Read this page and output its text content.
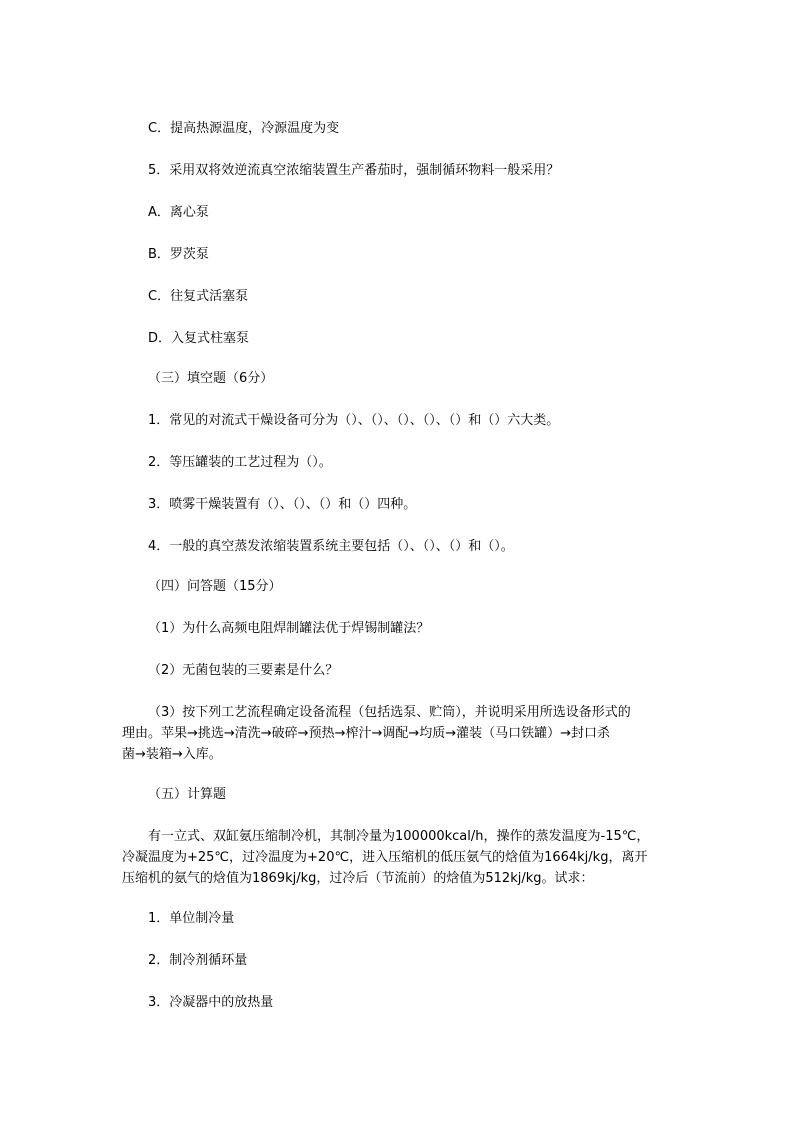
C．提高热源温度，冷源温度为变
5．采用双将效逆流真空浓缩装置生产番茄时，强制循环物料一般采用？
A．离心泵
B．罗茨泵
C．往复式活塞泵
D．入复式柱塞泵
（三）填空题（6分）
1．常见的对流式干燥设备可分为（）、（）、（）、（）、（）和（）六大类。
2．等压罐装的工艺过程为（）。
3．喷雾干燥装置有（）、（）、（）和（）四种。
4．一般的真空蒸发浓缩装置系统主要包括（）、（）、（）和（）。
（四）问答题（15分）
（1）为什么高频电阻焊制罐法优于焊锡制罐法？
（2）无菌包装的三要素是什么？
（3）按下列工艺流程确定设备流程（包括选泵、贮筒），并说明采用所选设备形式的
理由。苹果→挑选→清洗→破碎→预热→榨汁→调配→均质→灌装（马口铁罐）→封口杀
菌→装箱→入库。
（五）计算题
有一立式、双缸氨压缩制冷机，其制冷量为100000kcal/h，操作的蒸发温度为-15℃，
冷凝温度为+25℃，过冷温度为+20℃，进入压缩机的低压氨气的焓值为1664kj/kg，离开
压缩机的氨气的焓值为1869kj/kg，过冷后（节流前）的焓值为512kj/kg。试求：
1．单位制冷量
2．制冷剂循环量
3．冷凝器中的放热量
